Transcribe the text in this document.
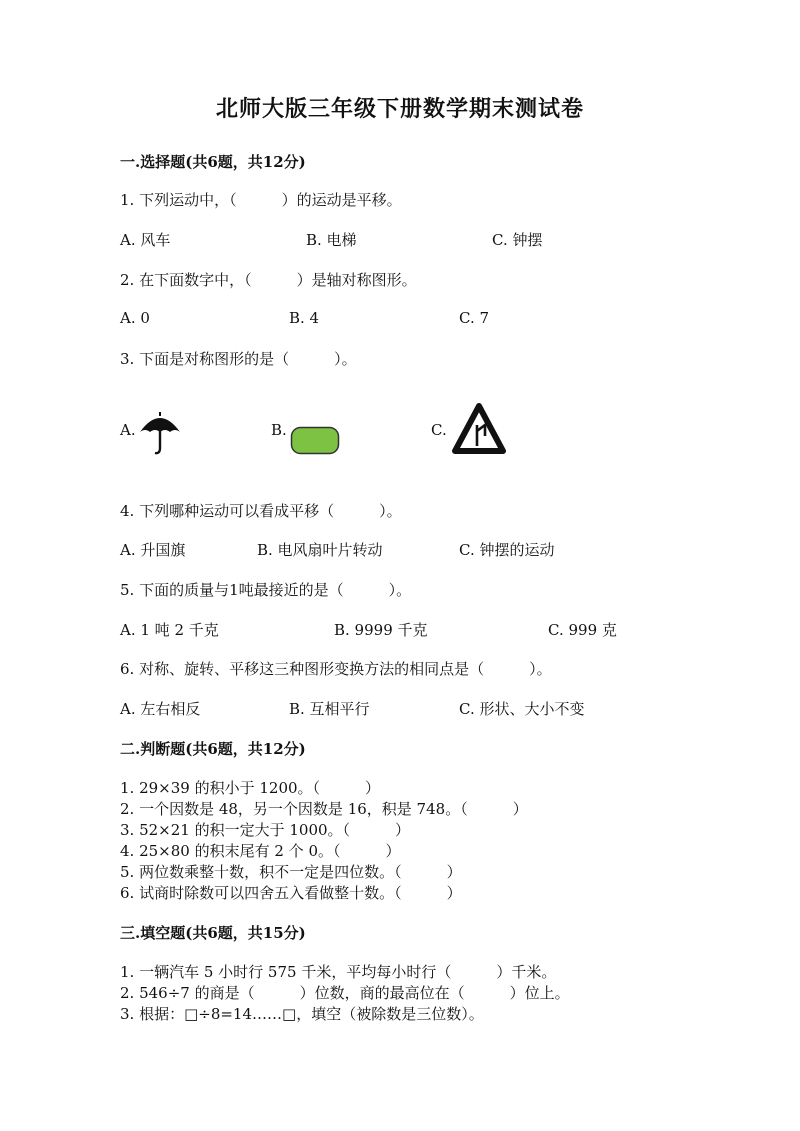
北师大版三年级下册数学期末测试卷
一.选择题(共6题，共12分)
1. 下列运动中，（　　　）的运动是平移。
A. 风车	B. 电梯	C. 钟摆
2. 在下面数字中，（　　　）是轴对称图形。
A. 0	B. 4	C. 7
3. 下面是对称图形的是（　　　）。
A.	B.	C.
4. 下列哪种运动可以看成平移（　　　）。
A. 升国旗	B. 电风扇叶片转动	C. 钟摆的运动
5. 下面的质量与1吨最接近的是（　　　）。
A. 1 吨 2 千克	B. 9999 千克	C. 999 克
6. 对称、旋转、平移这三种图形变换方法的相同点是（　　　）。
A. 左右相反	B. 互相平行	C. 形状、大小不变
二.判断题(共6题，共12分)
1. 29×39 的积小于 1200。（　　　）
2. 一个因数是 48，另一个因数是 16，积是 748。（　　　）
3. 52×21 的积一定大于 1000。（　　　）
4. 25×80 的积末尾有 2 个 0。（　　　）
5. 两位数乘整十数，积不一定是四位数。（　　　）
6. 试商时除数可以四舍五入看做整十数。（　　　）
三.填空题(共6题，共15分)
1. 一辆汽车 5 小时行 575 千米，平均每小时行（　　　）千米。
2. 546÷7 的商是（　　　）位数，商的最高位在（　　　）位上。
3. 根据：□÷8=14……□，填空（被除数是三位数）。
